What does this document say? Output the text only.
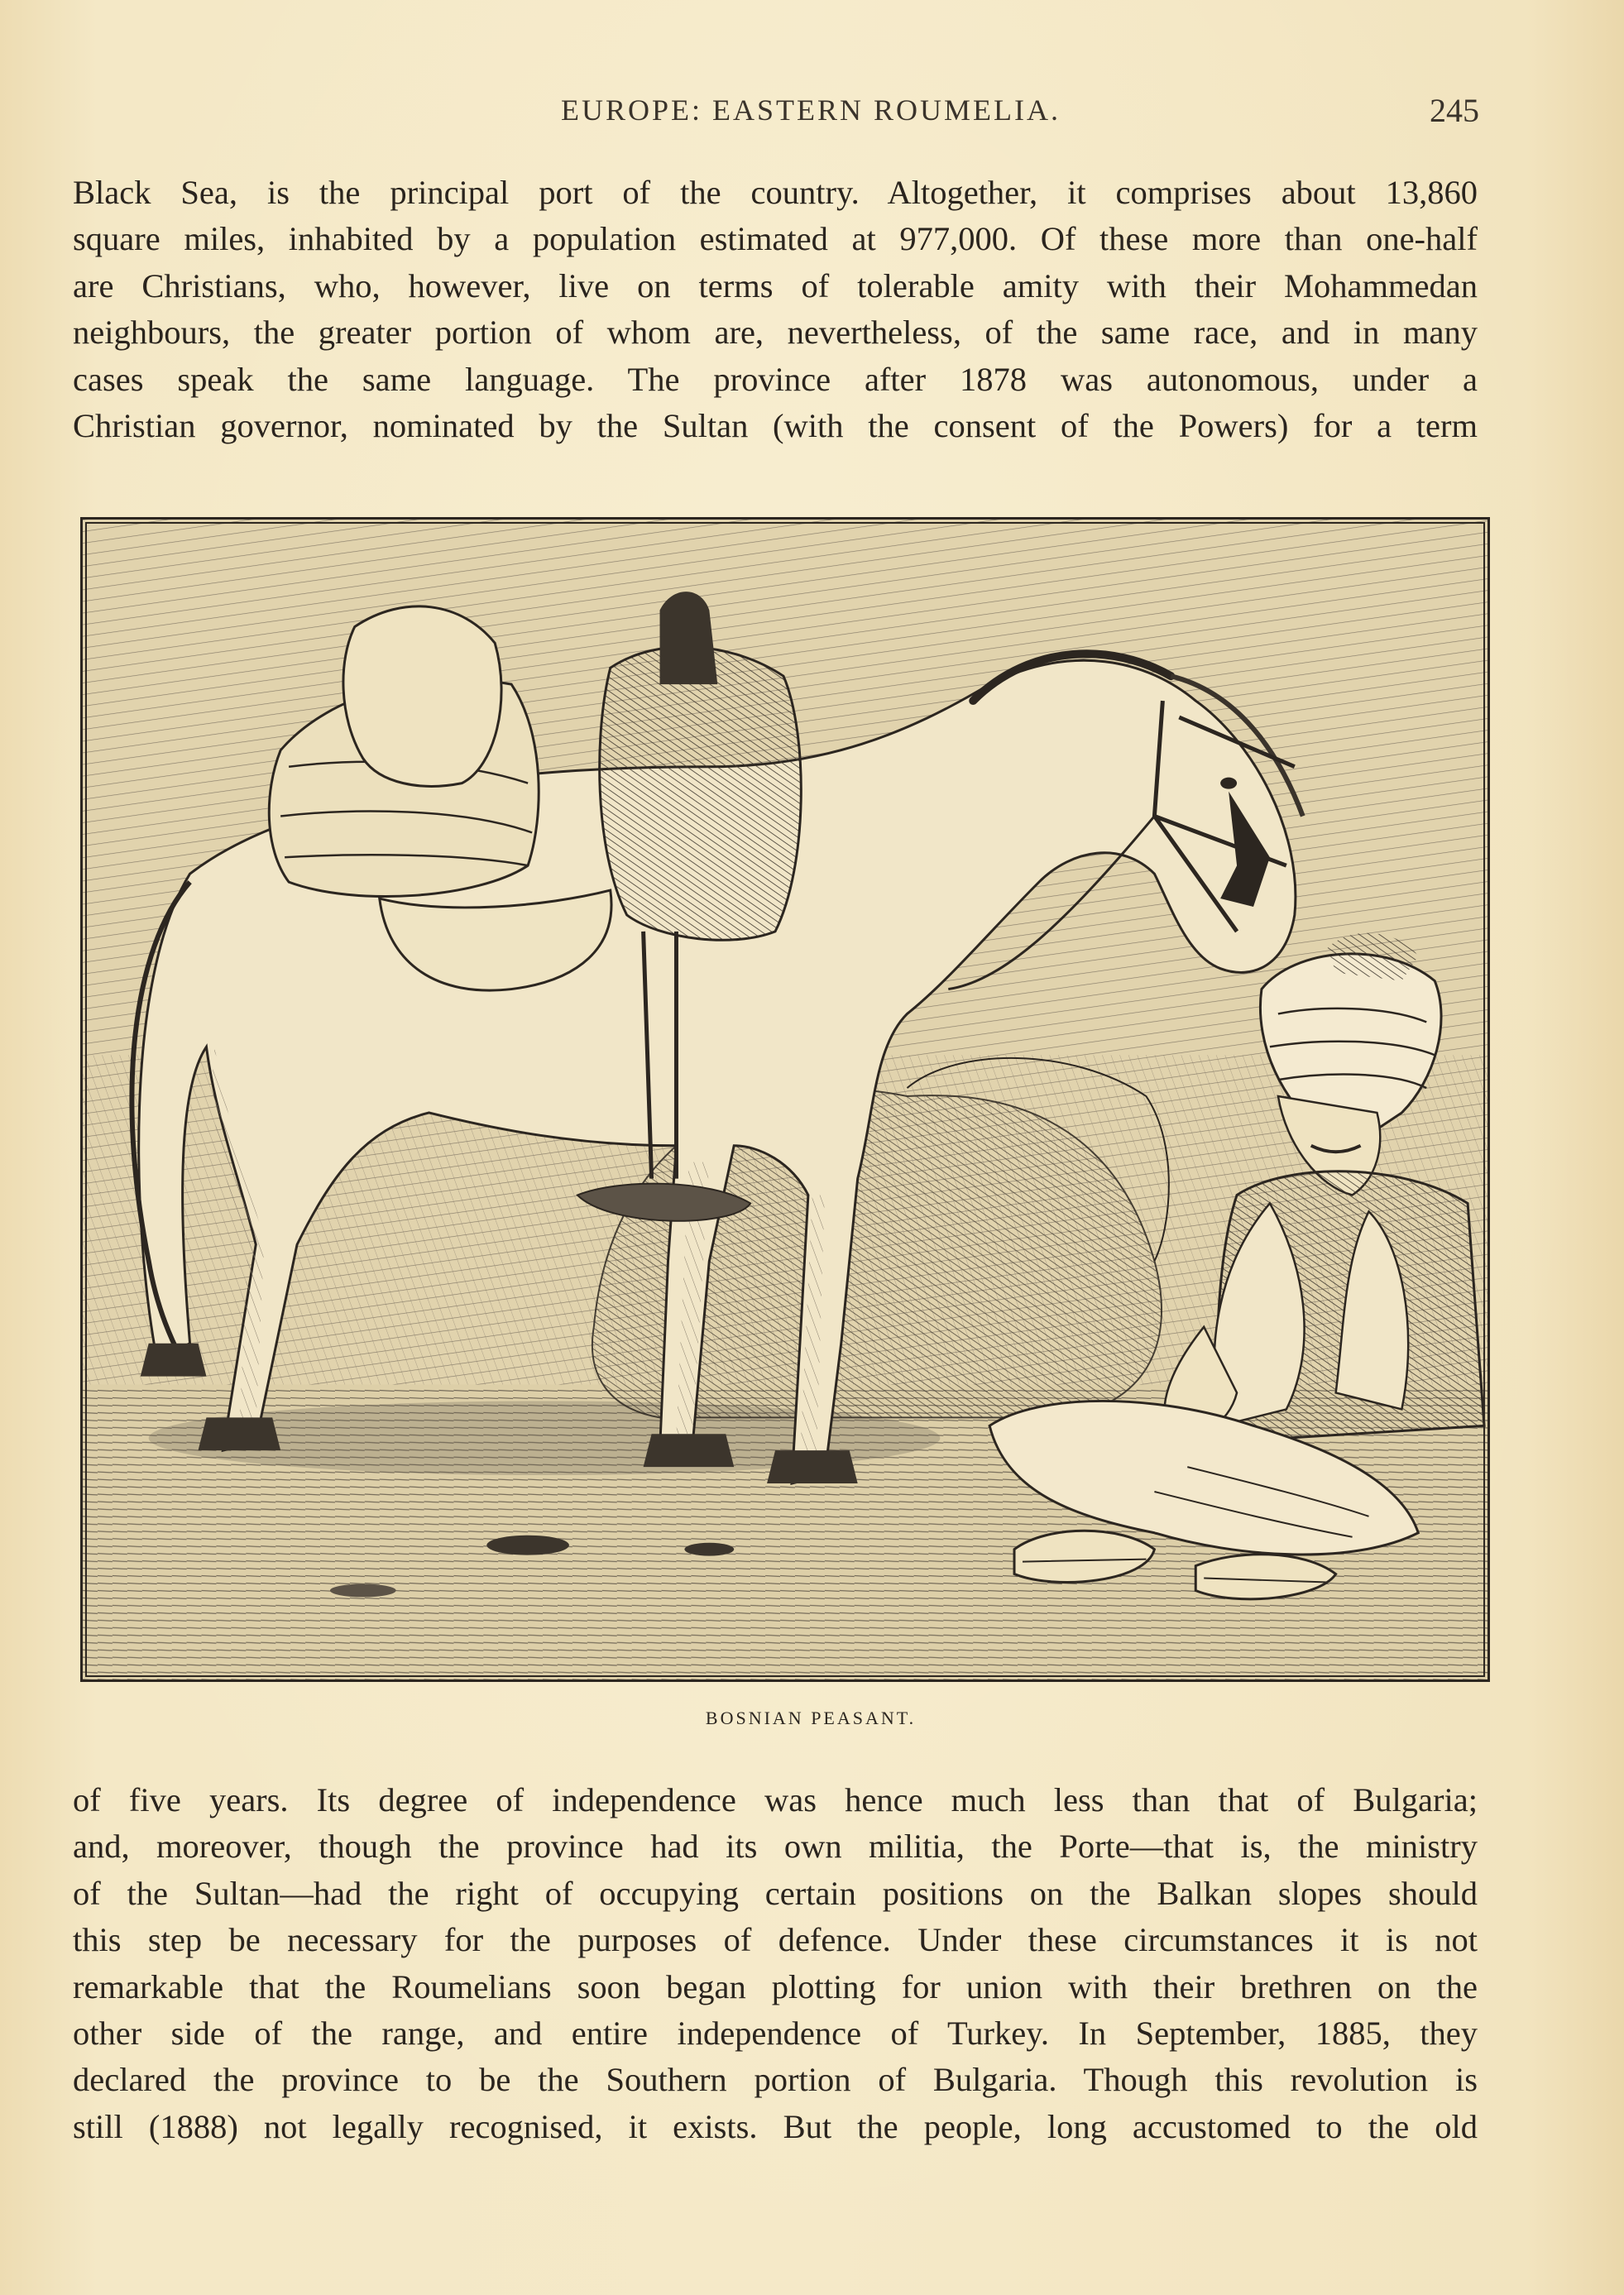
EUROPE: EASTERN ROUMELIA.	245
Black Sea, is the principal port of the country. Altogether, it comprises about 13,860
square miles, inhabited by a population estimated at 977,000. Of these more than one-half
are Christians, who, however, live on terms of tolerable amity with their Mohammedan
neighbours, the greater portion of whom are, nevertheless, of the same race, and in many
cases speak the same language. The province after 1878 was autonomous, under a
Christian governor, nominated by the Sultan (with the consent of the Powers) for a term
BOSNIAN PEASANT.
of five years. Its degree of independence was hence much less than that of Bulgaria;
and, moreover, though the province had its own militia, the Porte—that is, the ministry
of the Sultan—had the right of occupying certain positions on the Balkan slopes should
this step be necessary for the purposes of defence. Under these circumstances it is not
remarkable that the Roumelians soon began plotting for union with their brethren on the
other side of the range, and entire independence of Turkey. In September, 1885, they
declared the province to be the Southern portion of Bulgaria. Though this revolution is
still (1888) not legally recognised, it exists. But the people, long accustomed to the old
